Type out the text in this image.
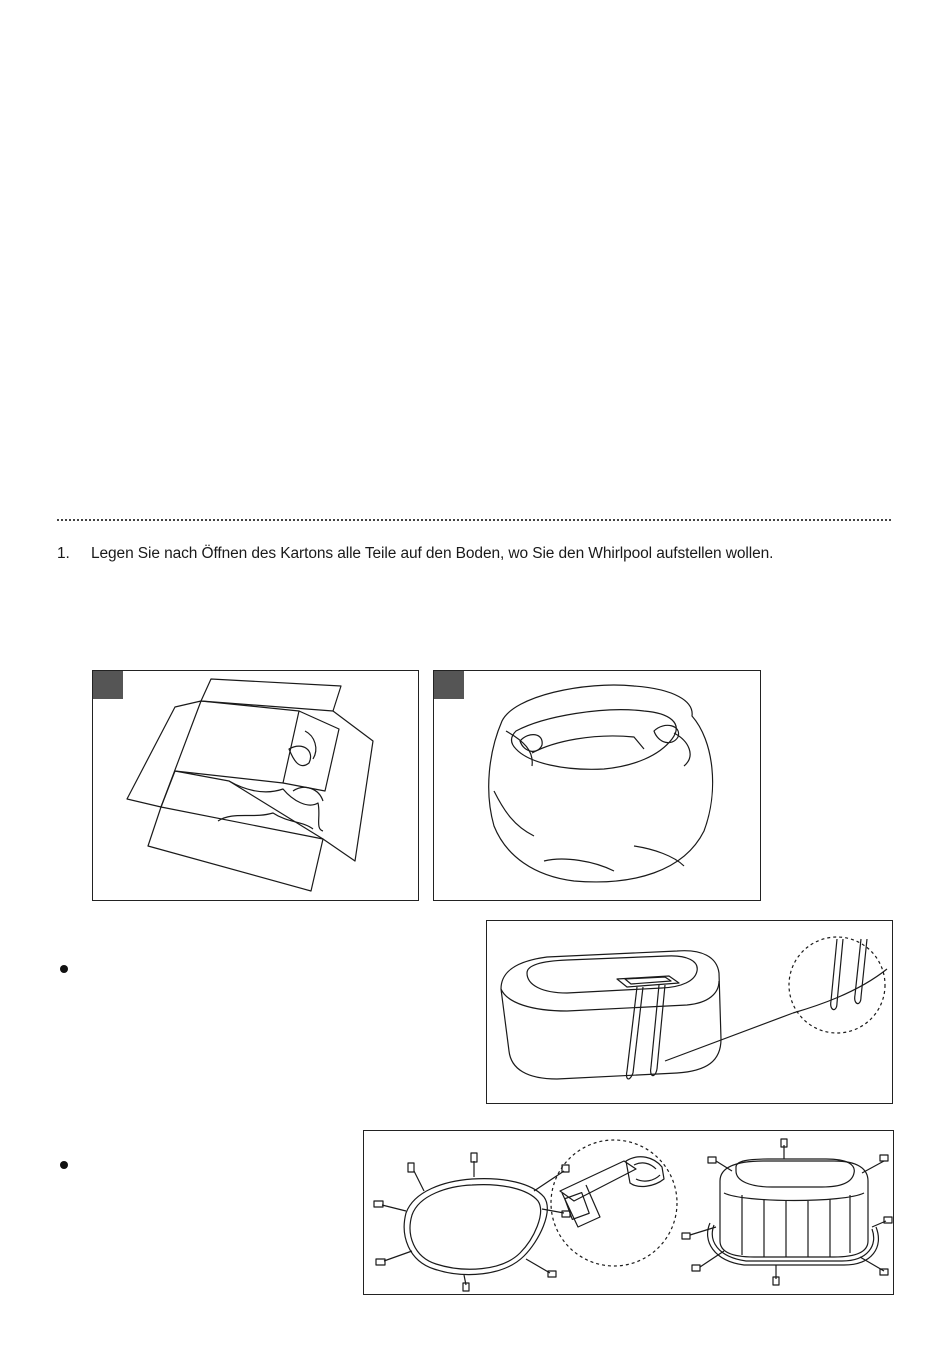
1. Legen Sie nach Öffnen des Kartons alle Teile auf den Boden, wo Sie den Whirlpool aufstellen wollen.
